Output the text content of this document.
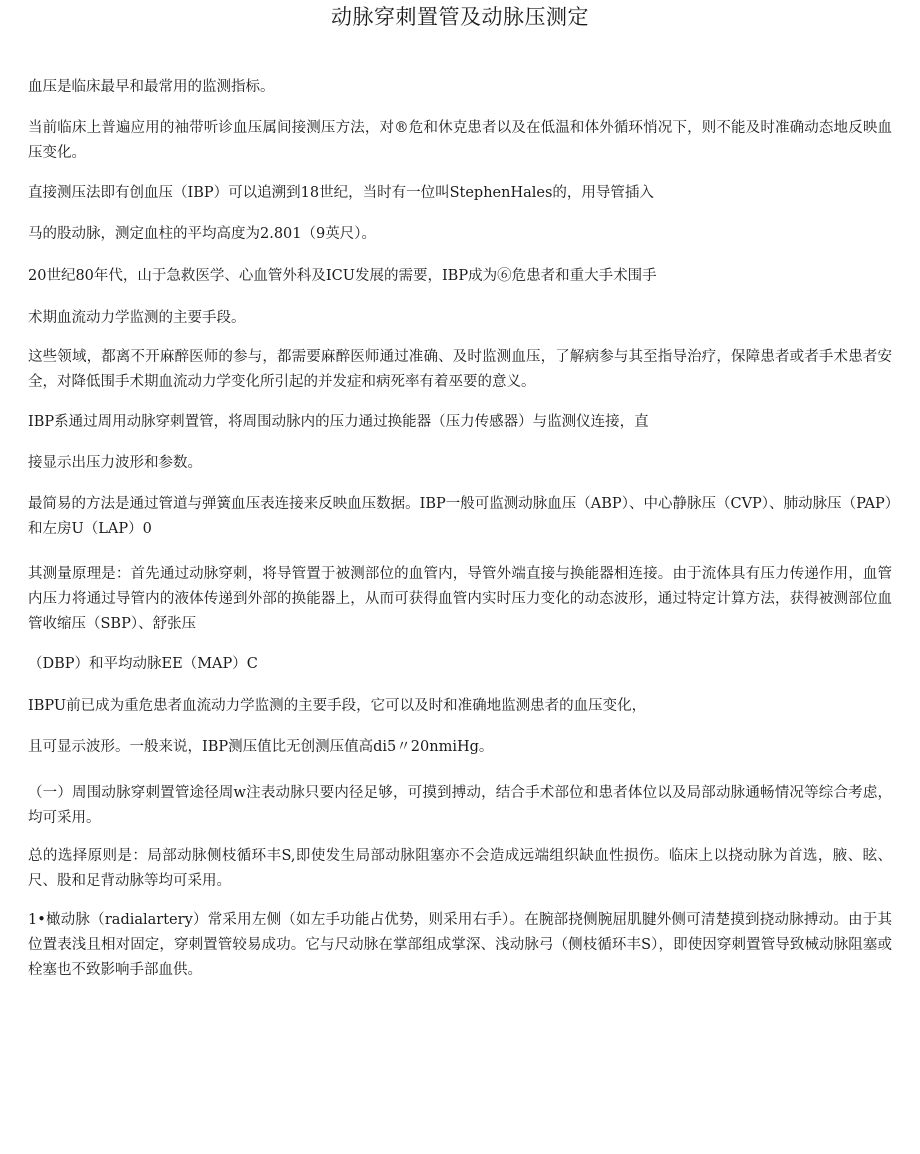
动脉穿刺置管及动脉压测定

血压是临床最早和最常用的监测指标。

当前临床上普遍应用的袖带听诊血压属间接测压方法，对®危和休克患者以及在低温和体外循环悄况下，则不能及时准确动态地反映血压变化。

直接测压法即有创血压（IBP）可以追溯到18世纪，当时有一位叫StephenHales的，用导管插入

马的股动脉，测定血柱的平均高度为2.801（9英尺）。

20世纪80年代，山于急救医学、心血管外科及ICU发展的需要，IBP成为⑥危患者和重大手术围手

术期血流动力学监测的主要手段。

这些领域，都离不开麻醉医师的参与，都需要麻醉医师通过准确、及时监测血压，了解病参与其至指导治疗，保障患者或者手术患者安全，对降低围手术期血流动力学变化所引起的并发症和病死率有着巫要的意义。

IBP系通过周用动脉穿刺置管，将周围动脉内的压力通过换能器（压力传感器）与监测仪连接，直

接显示出压力波形和参数。

最简易的方法是通过管道与弹簧血压表连接来反映血压数据。IBP一般可监测动脉血压（ABP）、中心静脉压（CVP）、肺动脉压（PAP）和左房U（LAP）0

其测量原理是：首先通过动脉穿刺，将导管置于被测部位的血管内，导管外端直接与换能器相连接。由于流体具有压力传递作用，血管内压力将通过导管内的液体传递到外部的换能器上，从而可获得血管内实时压力变化的动态波形，通过特定计算方法，获得被测部位血管收缩压（SBP）、舒张压

（DBP）和平均动脉EE（MAP）C

IBPU前已成为重危患者血流动力学监测的主要手段，它可以及时和准确地监测患者的血压变化，

且可显示波形。一般来说，IBP测压值比无创测压值高di5〃20nmiHg。

（一）周围动脉穿刺置管途径周w注表动脉只要内径足够，可摸到搏动，结合手术部位和患者体位以及局部动脉通畅情况等综合考虑，均可采用。

总的选择原则是：局部动脉侧枝循环丰S,即使发生局部动脉阻塞亦不会造成远端组织缺血性损伤。临床上以挠动脉为首选，腋、眩、尺、股和足背动脉等均可采用。

1•橄动脉（radialartery）常采用左侧（如左手功能占优势，则采用右手）。在腕部挠侧腕屈肌腱外侧可清楚摸到挠动脉搏动。由于其位置表浅且相对固定，穿刺置管较易成功。它与尺动脉在掌部组成掌深、浅动脉弓（侧枝循环丰S），即使因穿刺置管导致械动脉阻塞或栓塞也不致影响手部血供。
